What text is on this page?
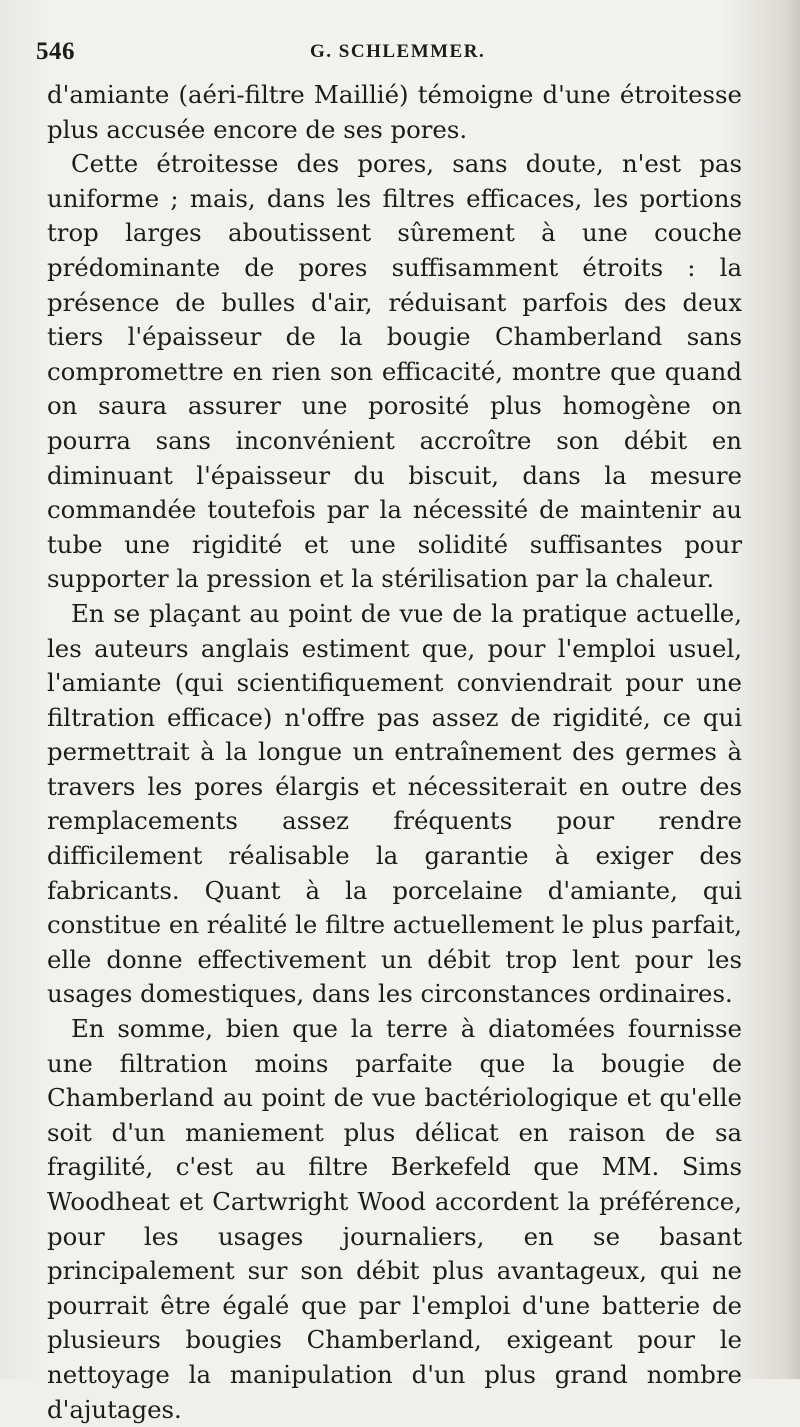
546	G. SCHLEMMER.

d'amiante (aéri-filtre Maillié) témoigne d'une étroitesse plus accusée encore de ses pores.

Cette étroitesse des pores, sans doute, n'est pas uniforme ; mais, dans les filtres efficaces, les portions trop larges aboutissent sûrement à une couche prédominante de pores suffisamment étroits : la présence de bulles d'air, réduisant parfois des deux tiers l'épaisseur de la bougie Chamberland sans compromettre en rien son efficacité, montre que quand on saura assurer une porosité plus homogène on pourra sans inconvénient accroître son débit en diminuant l'épaisseur du biscuit, dans la mesure commandée toutefois par la nécessité de maintenir au tube une rigidité et une solidité suffisantes pour supporter la pression et la stérilisation par la chaleur.

En se plaçant au point de vue de la pratique actuelle, les auteurs anglais estiment que, pour l'emploi usuel, l'amiante (qui scientifiquement conviendrait pour une filtration efficace) n'offre pas assez de rigidité, ce qui permettrait à la longue un entraînement des germes à travers les pores élargis et nécessiterait en outre des remplacements assez fréquents pour rendre difficilement réalisable la garantie à exiger des fabricants. Quant à la porcelaine d'amiante, qui constitue en réalité le filtre actuellement le plus parfait, elle donne effectivement un débit trop lent pour les usages domestiques, dans les circonstances ordinaires.

En somme, bien que la terre à diatomées fournisse une filtration moins parfaite que la bougie de Chamberland au point de vue bactériologique et qu'elle soit d'un maniement plus délicat en raison de sa fragilité, c'est au filtre Berkefeld que MM. Sims Woodheat et Cartwright Wood accordent la préférence, pour les usages journaliers, en se basant principalement sur son débit plus avantageux, qui ne pourrait être égalé que par l'emploi d'une batterie de plusieurs bougies Chamberland, exigeant pour le nettoyage la manipulation d'un plus grand nombre d'ajutages.
